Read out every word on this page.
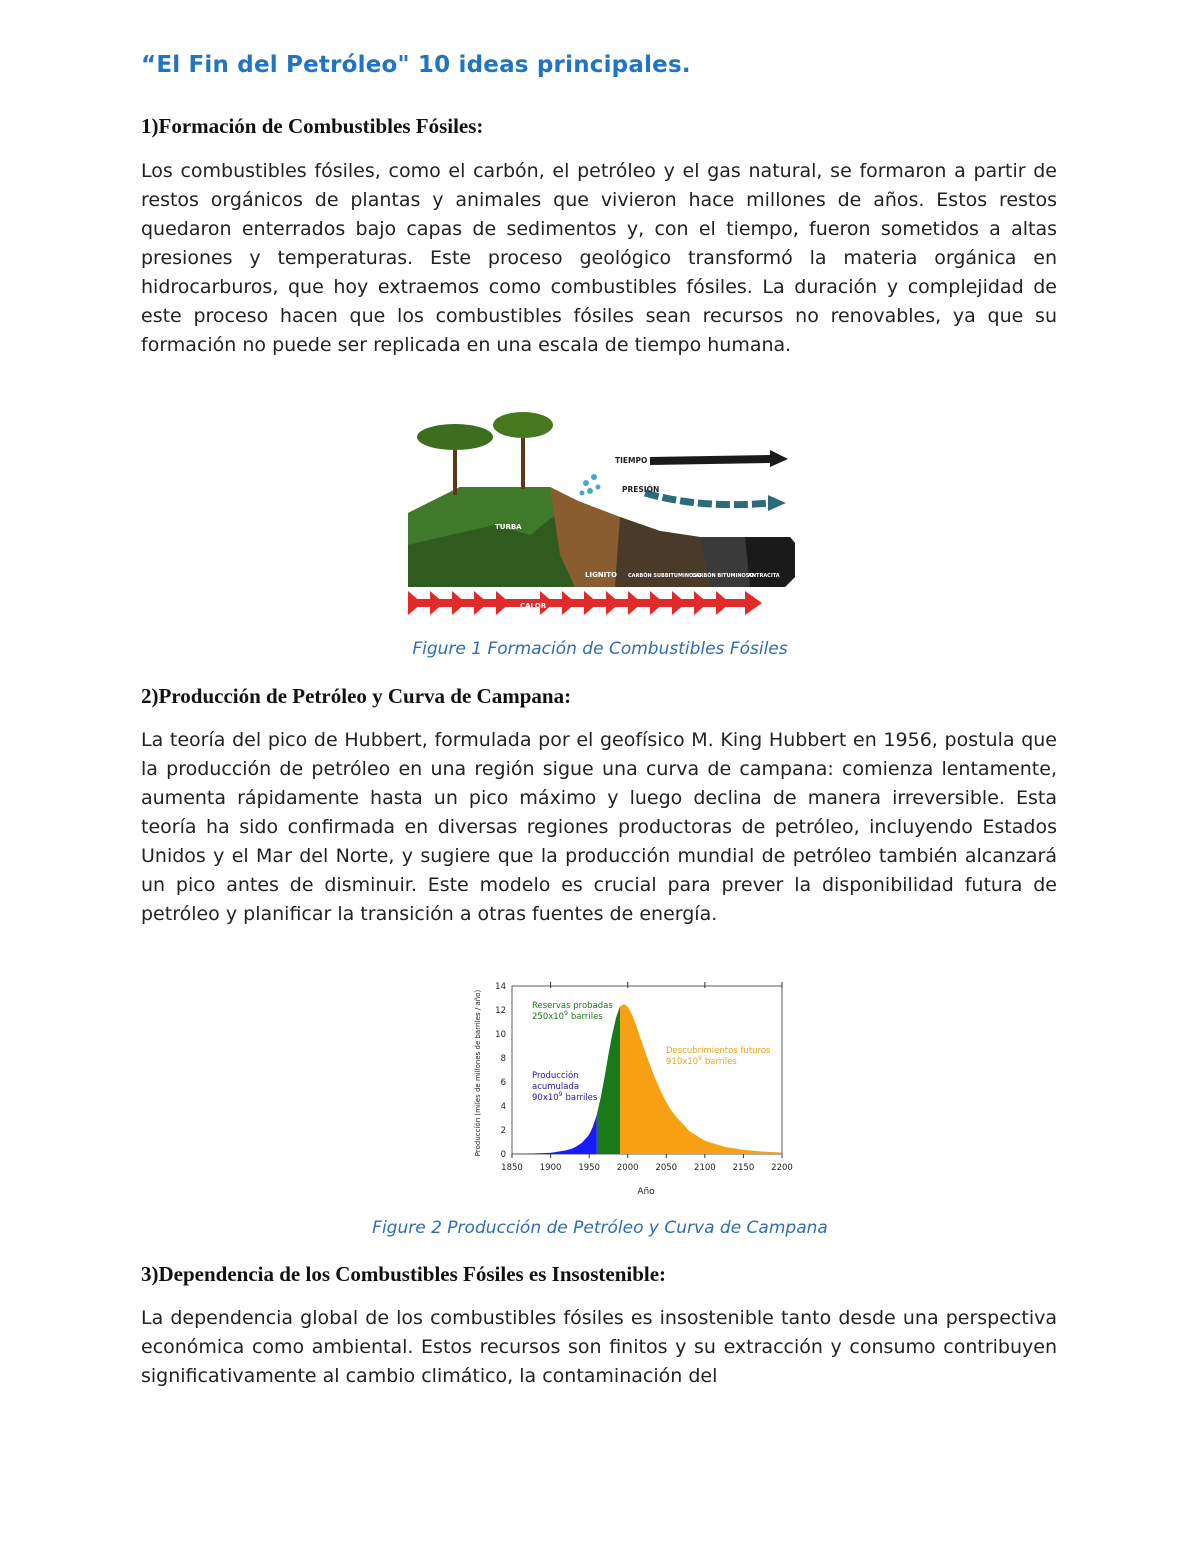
“El Fin del Petróleo" 10 ideas principales.
1)Formación de Combustibles Fósiles:
Los combustibles fósiles, como el carbón, el petróleo y el gas natural, se formaron a partir de restos orgánicos de plantas y animales que vivieron hace millones de años. Estos restos quedaron enterrados bajo capas de sedimentos y, con el tiempo, fueron sometidos a altas presiones y temperaturas. Este proceso geológico transformó la materia orgánica en hidrocarburos, que hoy extraemos como combustibles fósiles. La duración y complejidad de este proceso hacen que los combustibles fósiles sean recursos no renovables, ya que su formación no puede ser replicada en una escala de tiempo humana.
TIEMPO
PRESIÓN
TURBA
LIGNITO CARBÓN SUBBITUMINOSO
CARBÓN BITUMINOSO
ANTRACITA
CALOR
Figure 1 Formación de Combustibles Fósiles
2)Producción de Petróleo y Curva de Campana:
La teoría del pico de Hubbert, formulada por el geofísico M. King Hubbert en 1956, postula que la producción de petróleo en una región sigue una curva de campana: comienza lentamente, aumenta rápidamente hasta un pico máximo y luego declina de manera irreversible. Esta teoría ha sido confirmada en diversas regiones productoras de petróleo, incluyendo Estados Unidos y el Mar del Norte, y sugiere que la producción mundial de petróleo también alcanzará un pico antes de disminuir. Este modelo es crucial para prever la disponibilidad futura de petróleo y planificar la transición a otras fuentes de energía.
1850 1900 1950 2000 2050 2100 2150 2200
0
2
4
6
8
10
12
14
Año
Producción (miles de millones de barriles / año)	Reservas probadas
$250x10^9$ barriles
Descubrimientos futuros
$910x10^9$ barriles
Producción
acumulada
$90x10^9$ barriles
Figure 2 Producción de Petróleo y Curva de Campana
3)Dependencia de los Combustibles Fósiles es Insostenible:
La dependencia global de los combustibles fósiles es insostenible tanto desde una perspectiva económica como ambiental. Estos recursos son finitos y su extracción y consumo contribuyen significativamente al cambio climático, la contaminación del
